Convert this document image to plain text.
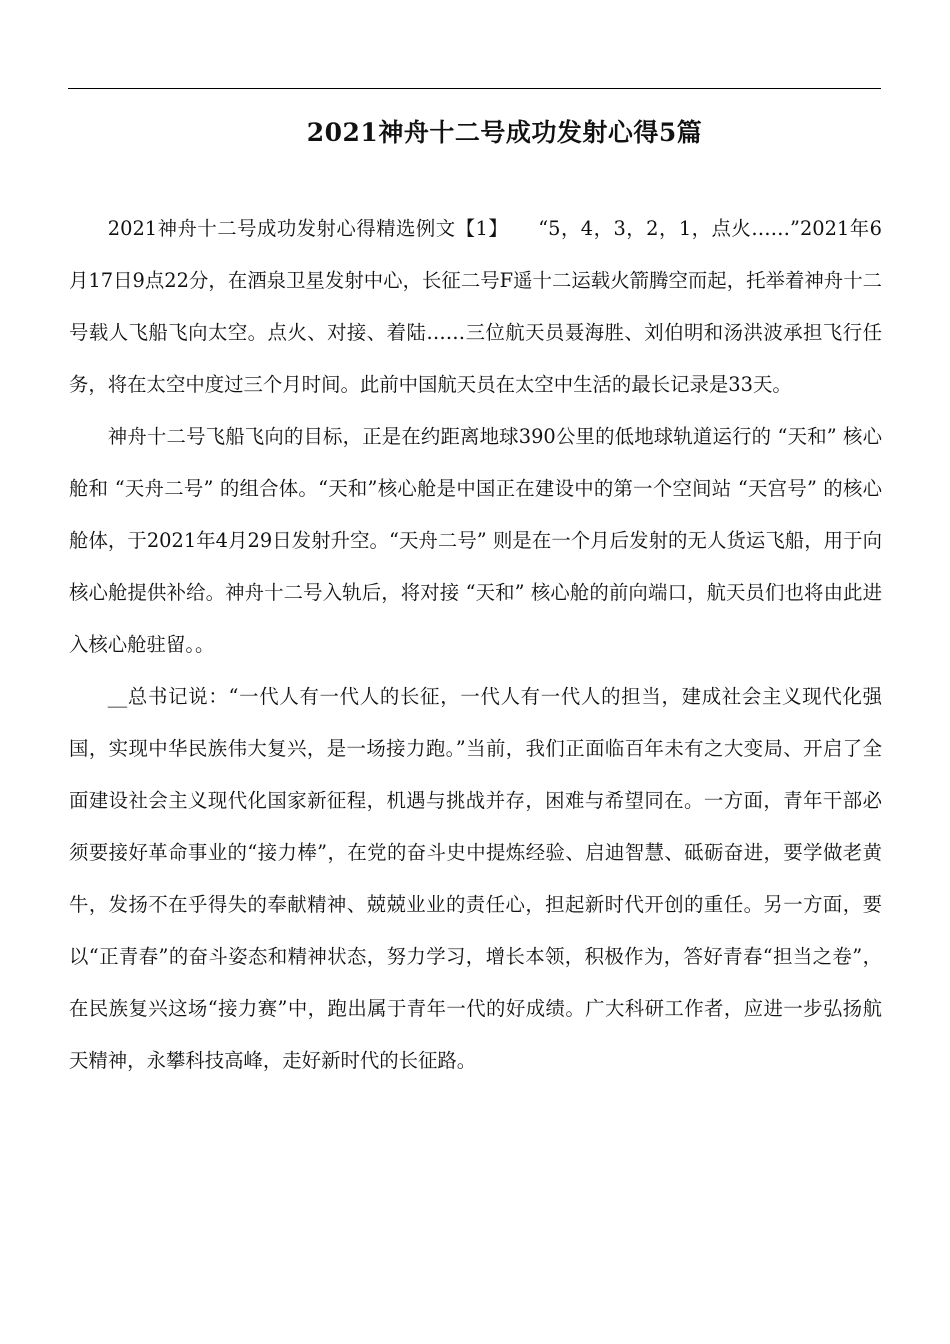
2021神舟十二号成功发射心得5篇

2021神舟十二号成功发射心得精选例文【1】　　“5，4，3，2，1，点火……”2021年6月17日9点22分，在酒泉卫星发射中心，长征二号F遥十二运载火箭腾空而起，托举着神舟十二号载人飞船飞向太空。点火、对接、着陆……三位航天员聂海胜、刘伯明和汤洪波承担飞行任务，将在太空中度过三个月时间。此前中国航天员在太空中生活的最长记录是33天。

神舟十二号飞船飞向的目标，正是在约距离地球390公里的低地球轨道运行的 “天和” 核心舱和 “天舟二号” 的组合体。“天和”核心舱是中国正在建设中的第一个空间站 “天宫号” 的核心舱体，于2021年4月29日发射升空。“天舟二号” 则是在一个月后发射的无人货运飞船，用于向核心舱提供补给。神舟十二号入轨后，将对接 “天和” 核心舱的前向端口，航天员们也将由此进入核心舱驻留。。

__总书记说：“一代人有一代人的长征，一代人有一代人的担当，建成社会主义现代化强国，实现中华民族伟大复兴，是一场接力跑。”当前，我们正面临百年未有之大变局、开启了全面建设社会主义现代化国家新征程，机遇与挑战并存，困难与希望同在。一方面，青年干部必须要接好革命事业的“接力棒”，在党的奋斗史中提炼经验、启迪智慧、砥砺奋进，要学做老黄牛，发扬不在乎得失的奉献精神、兢兢业业的责任心，担起新时代开创的重任。另一方面，要以“正青春”的奋斗姿态和精神状态，努力学习，增长本领，积极作为，答好青春“担当之卷”，在民族复兴这场“接力赛”中，跑出属于青年一代的好成绩。广大科研工作者，应进一步弘扬航天精神，永攀科技高峰，走好新时代的长征路。
